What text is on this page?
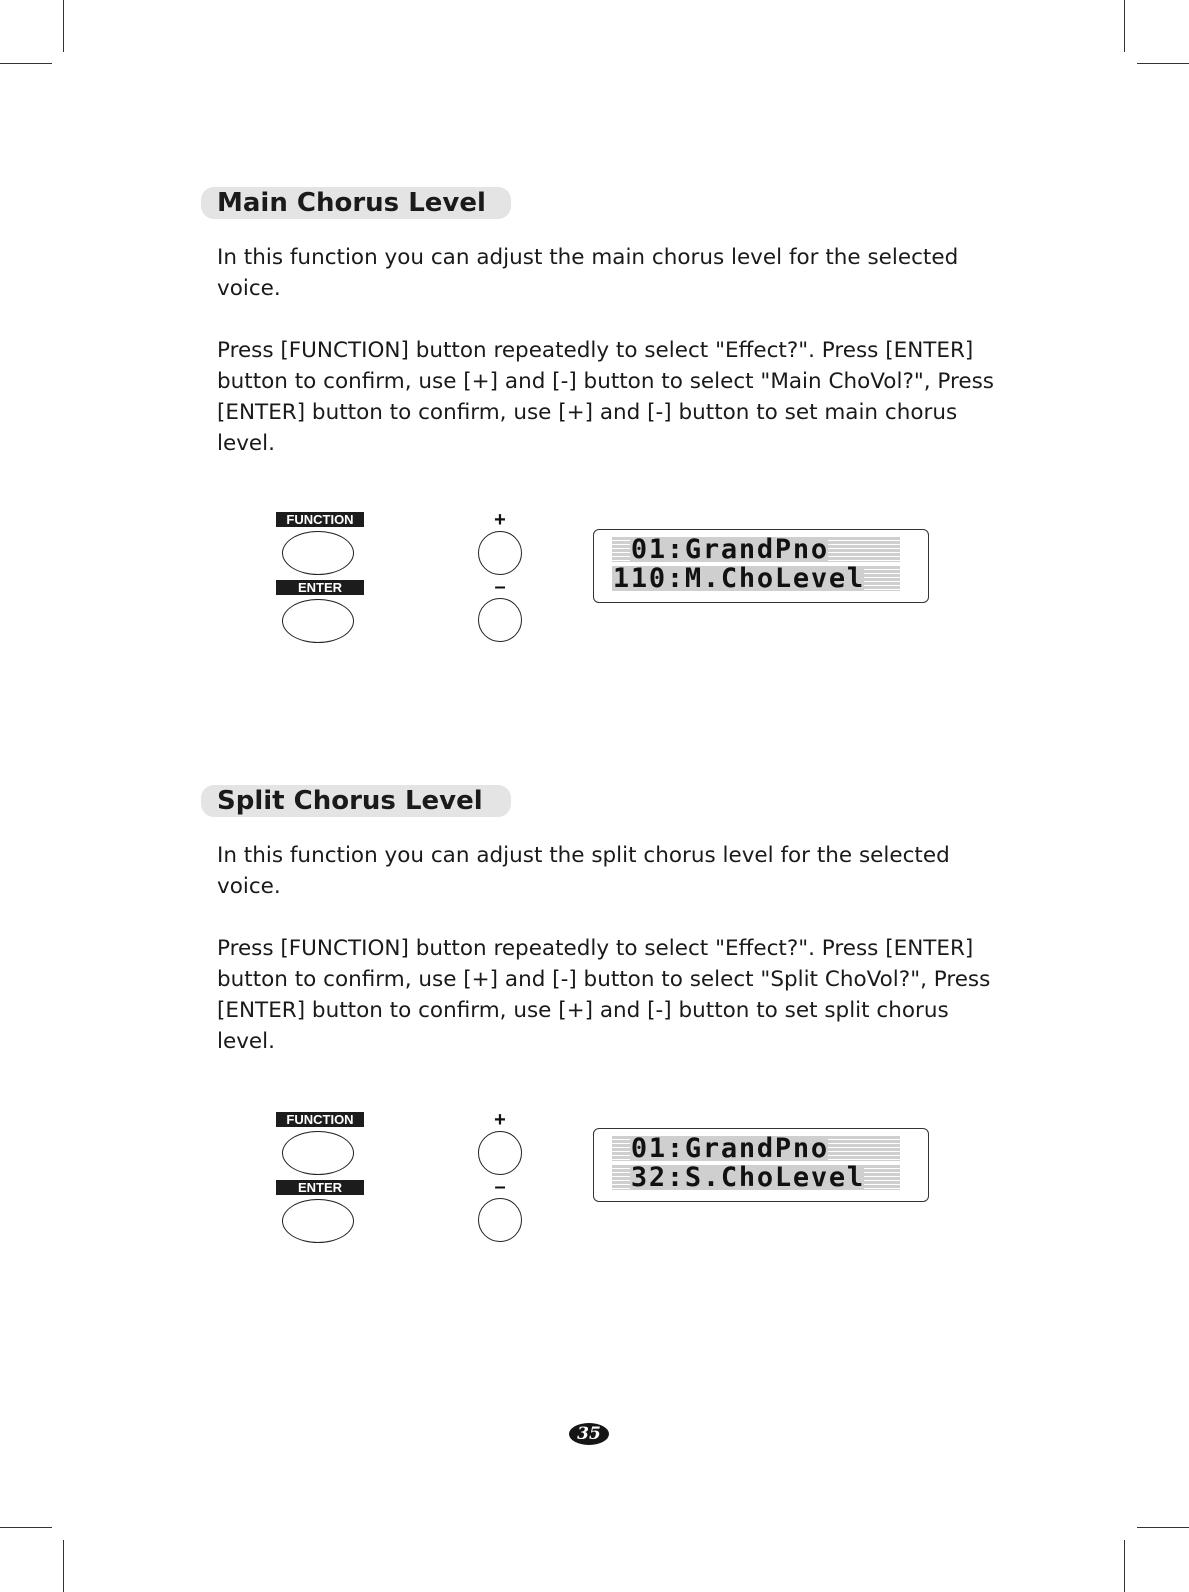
Main Chorus Level

In this function you can adjust the main chorus level for the selected voice.

Press [FUNCTION] button repeatedly to select "Effect?". Press [ENTER] button to confirm, use [+] and [-] button to select "Main ChoVol?", Press [ENTER] button to confirm, use [+] and [-] button to set main chorus level.

FUNCTION
ENTER
+
–
0 1 : G r a n d P n o
1 1 0 : M . C h o L e v e l
Split Chorus Level

In this function you can adjust the split chorus level for the selected voice.

Press [FUNCTION] button repeatedly to select "Effect?". Press [ENTER] button to confirm, use [+] and [-] button to select "Split ChoVol?", Press [ENTER] button to confirm, use [+] and [-] button to set split chorus level.

FUNCTION
ENTER
+
–
0 1 : G r a n d P n o
3 2 : S . C h o L e v e l
35
